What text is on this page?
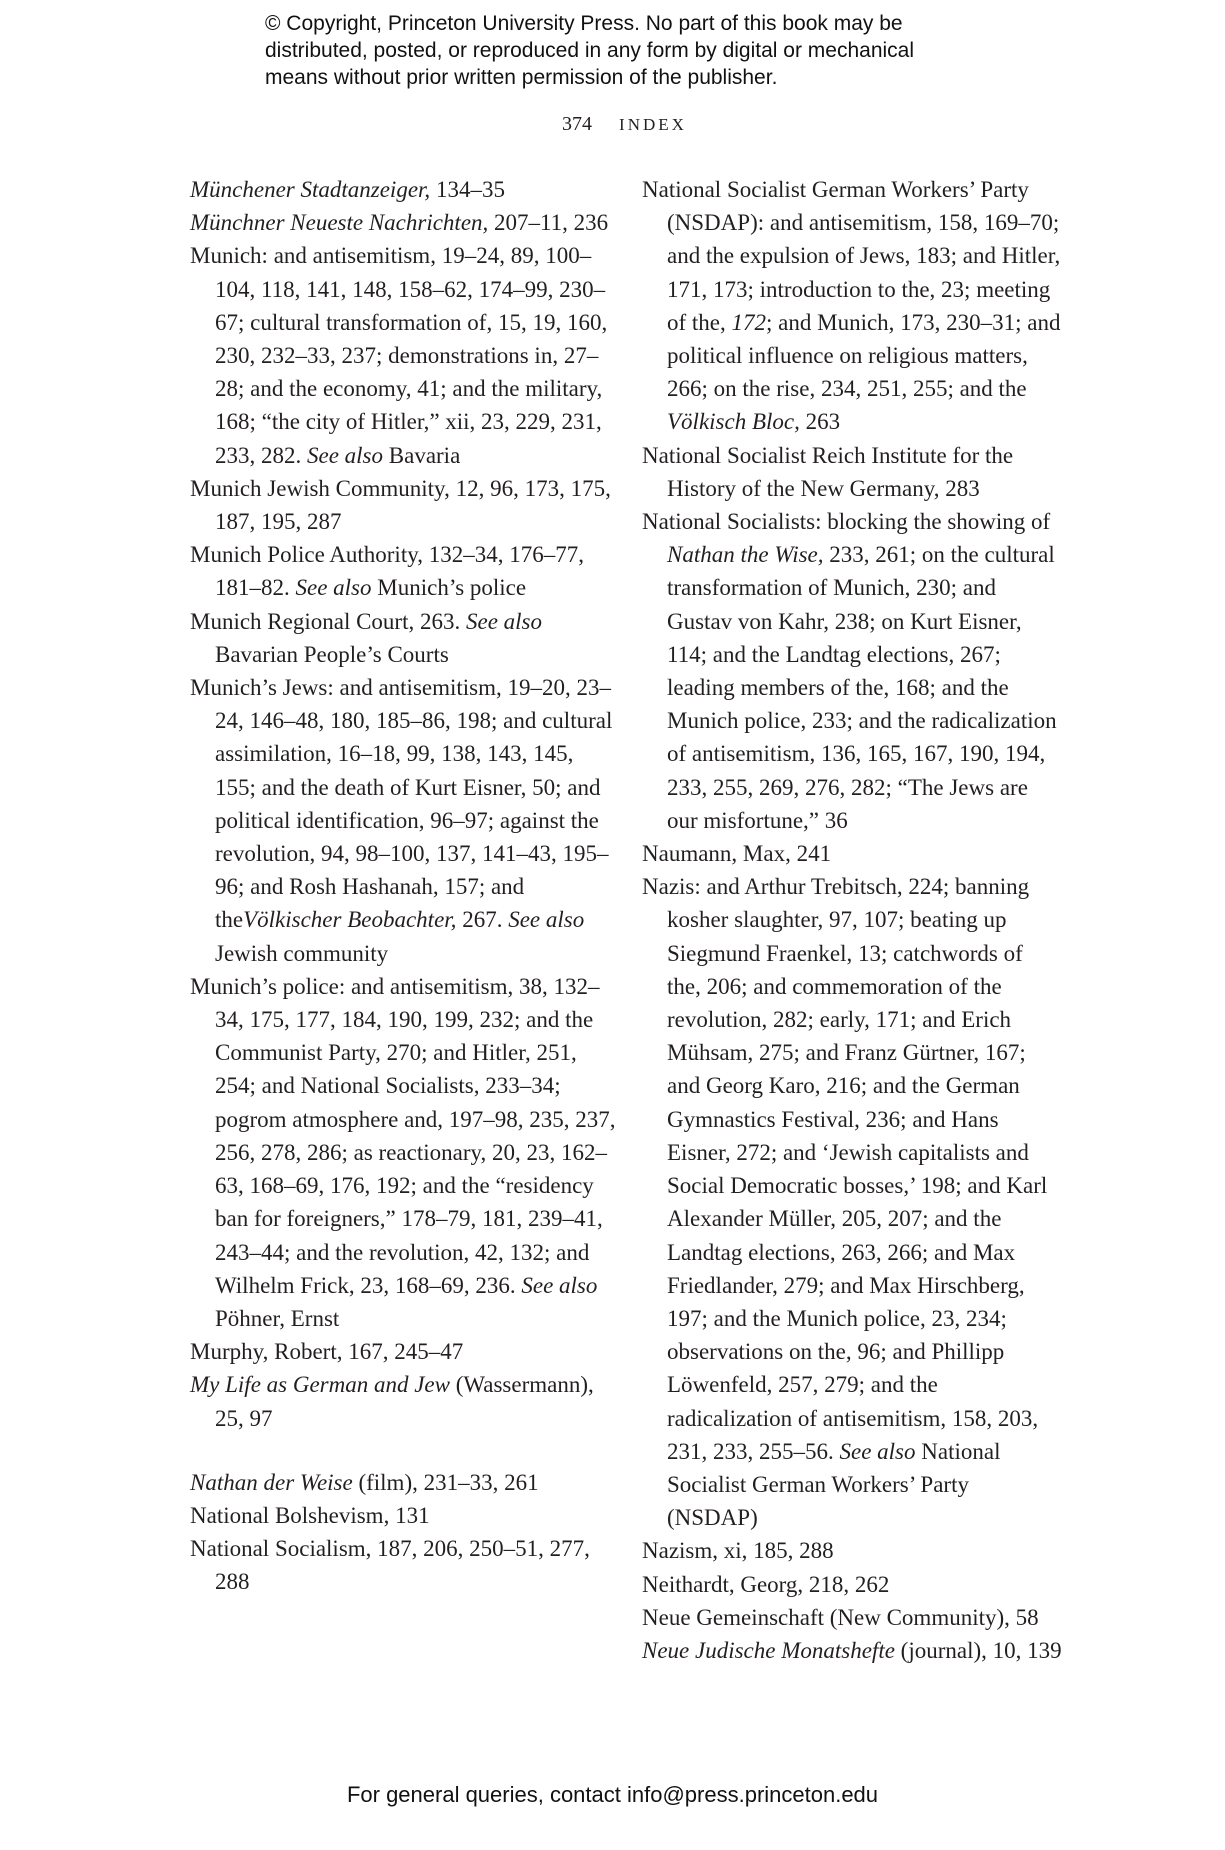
© Copyright, Princeton University Press. No part of this book may be
distributed, posted, or reproduced in any form by digital or mechanical
means without prior written permission of the publisher.
374 INDEX
Münchener Stadtanzeiger, 134–35
Münchner Neueste Nachrichten, 207–11, 236
Munich: and antisemitism, 19–24, 89, 100–104, 118, 141, 148, 158–62, 174–99, 230–67; cultural transformation of, 15, 19, 160, 230, 232–33, 237; demonstrations in, 27–28; and the economy, 41; and the military, 168; “the city of Hitler,” xii, 23, 229, 231, 233, 282. See also Bavaria
Munich Jewish Community, 12, 96, 173, 175, 187, 195, 287
Munich Police Authority, 132–34, 176–77, 181–82. See also Munich’s police
Munich Regional Court, 263. See also Bavarian People’s Courts
Munich’s Jews: and antisemitism, 19–20, 23–24, 146–48, 180, 185–86, 198; and cultural assimilation, 16–18, 99, 138, 143, 145, 155; and the death of Kurt Eisner, 50; and political identification, 96–97; against the revolution, 94, 98–100, 137, 141–43, 195–96; and Rosh Hashanah, 157; and theVölkischer Beobachter, 267. See also Jewish community
Munich’s police: and antisemitism, 38, 132–34, 175, 177, 184, 190, 199, 232; and the Communist Party, 270; and Hitler, 251, 254; and National Socialists, 233–34; pogrom atmosphere and, 197–98, 235, 237, 256, 278, 286; as reactionary, 20, 23, 162–63, 168–69, 176, 192; and the “residency ban for foreigners,” 178–79, 181, 239–41, 243–44; and the revolution, 42, 132; and Wilhelm Frick, 23, 168–69, 236. See also Pöhner, Ernst
Murphy, Robert, 167, 245–47
My Life as German and Jew (Wassermann), 25, 97
Nathan der Weise (film), 231–33, 261
National Bolshevism, 131
National Socialism, 187, 206, 250–51, 277, 288
National Socialist German Workers’ Party (NSDAP): and antisemitism, 158, 169–70; and the expulsion of Jews, 183; and Hitler, 171, 173; introduction to the, 23; meeting of the, 172; and Munich, 173, 230–31; and political influence on religious matters, 266; on the rise, 234, 251, 255; and the Völkisch Bloc, 263
National Socialist Reich Institute for the History of the New Germany, 283
National Socialists: blocking the showing of Nathan the Wise, 233, 261; on the cultural transformation of Munich, 230; and Gustav von Kahr, 238; on Kurt Eisner, 114; and the Landtag elections, 267; leading members of the, 168; and the Munich police, 233; and the radicalization of antisemitism, 136, 165, 167, 190, 194, 233, 255, 269, 276, 282; “The Jews are our misfortune,” 36
Naumann, Max, 241
Nazis: and Arthur Trebitsch, 224; banning kosher slaughter, 97, 107; beating up Siegmund Fraenkel, 13; catchwords of the, 206; and commemoration of the revolution, 282; early, 171; and Erich Mühsam, 275; and Franz Gürtner, 167; and Georg Karo, 216; and the German Gymnastics Festival, 236; and Hans Eisner, 272; and ‘Jewish capitalists and Social Democratic bosses,’ 198; and Karl Alexander Müller, 205, 207; and the Landtag elections, 263, 266; and Max Friedlander, 279; and Max Hirschberg, 197; and the Munich police, 23, 234; observations on the, 96; and Phillipp Löwenfeld, 257, 279; and the radicalization of antisemitism, 158, 203, 231, 233, 255–56. See also National Socialist German Workers’ Party (NSDAP)
Nazism, xi, 185, 288
Neithardt, Georg, 218, 262
Neue Gemeinschaft (New Community), 58
Neue Judische Monatshefte (journal), 10, 139
For general queries, contact info@press.princeton.edu
